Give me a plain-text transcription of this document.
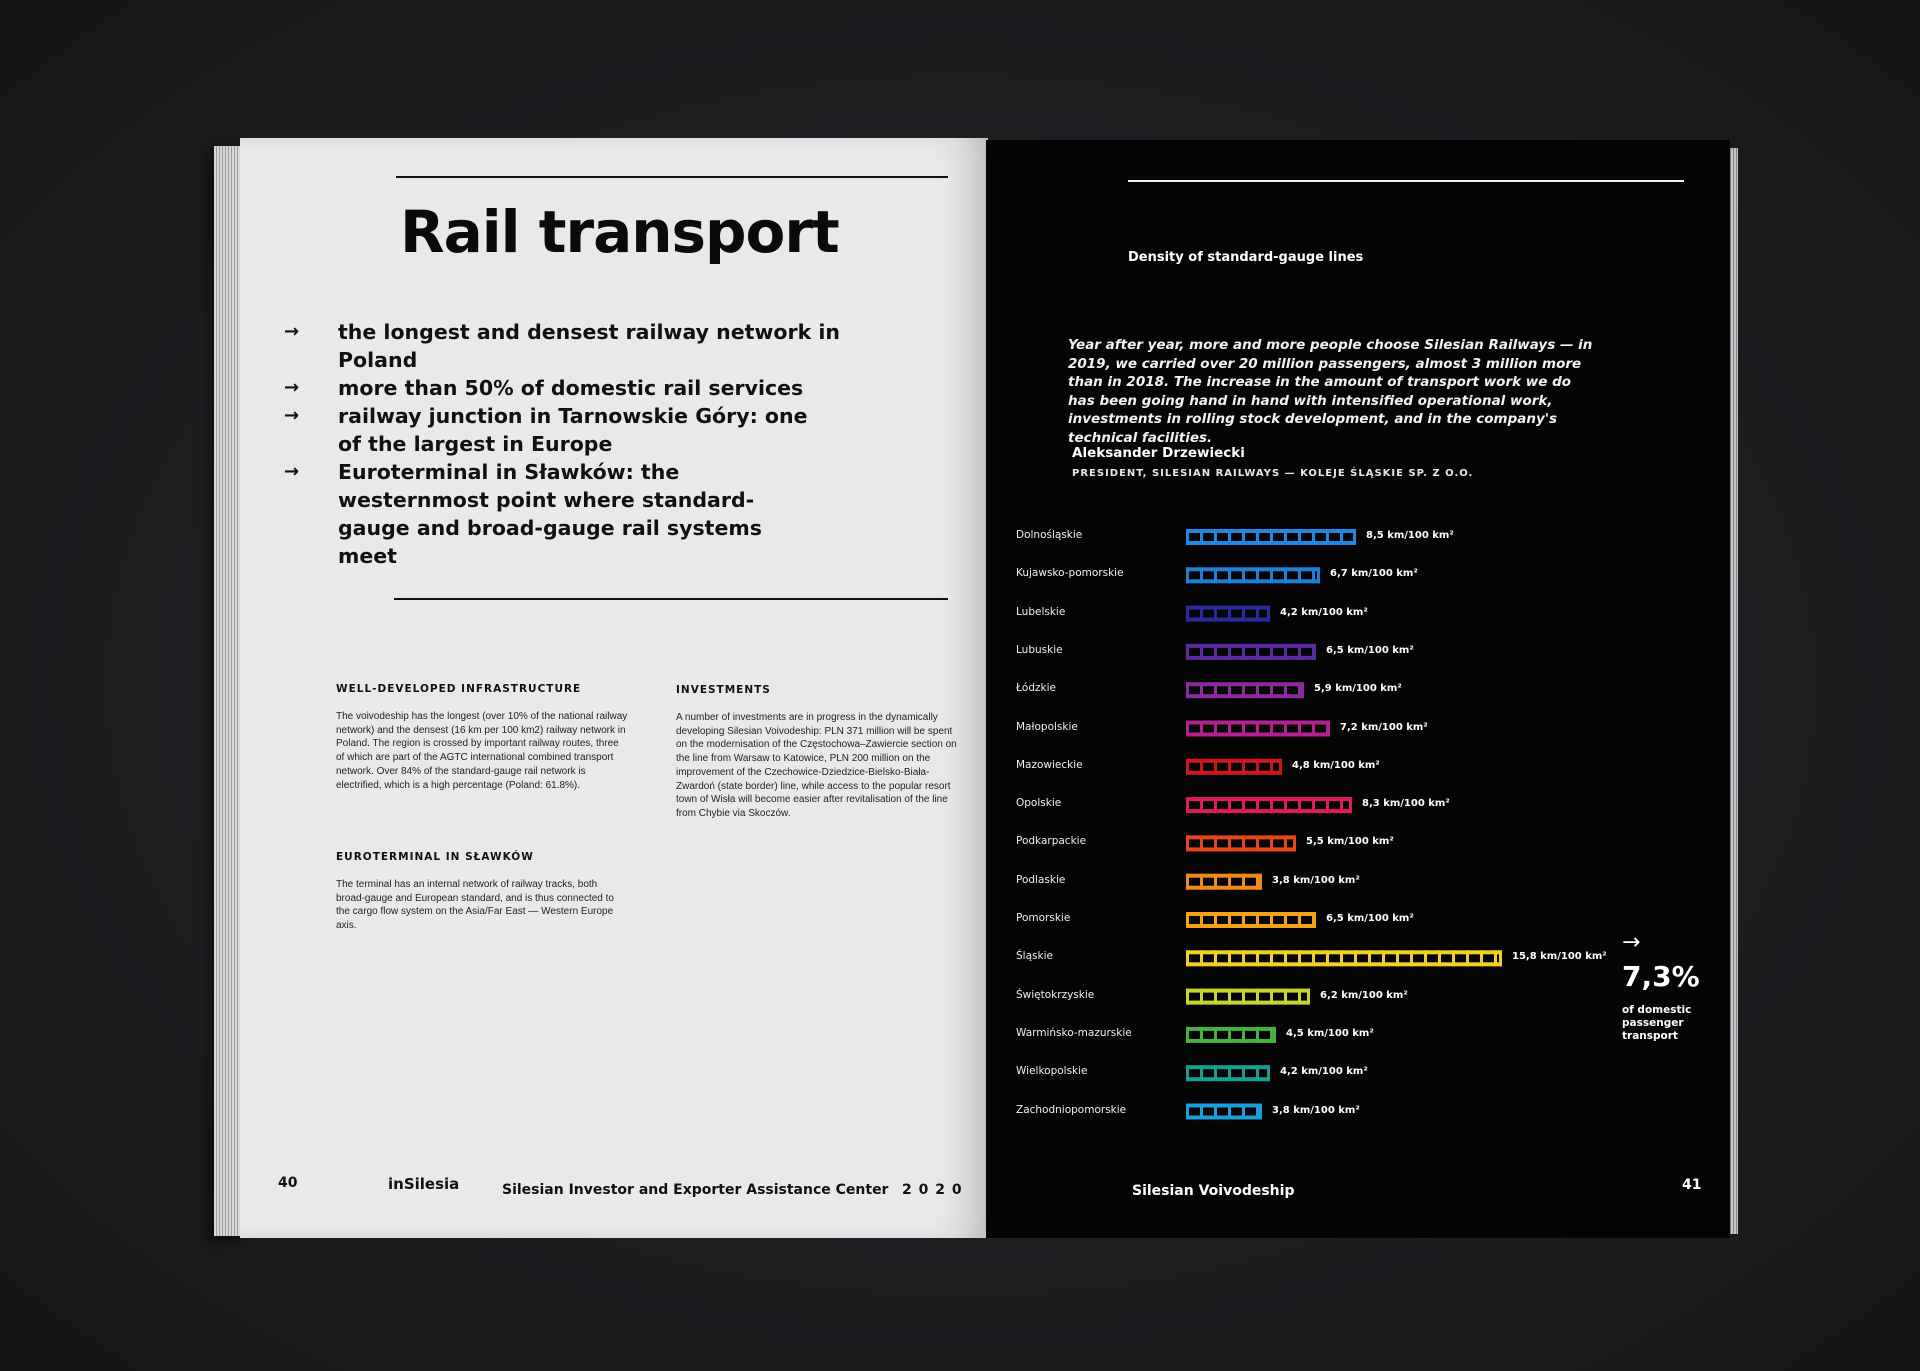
Rail transport
→ the longest and densest railway network in Poland
→ more than 50% of domestic rail services
→ railway junction in Tarnowskie Góry: one of the largest in Europe
→ Euroterminal in Sławków: the westernmost point where standard-gauge and broad-gauge rail systems meet
WELL-DEVELOPED INFRASTRUCTURE
The voivodeship has the longest (over 10% of the national railway network) and the densest (16 km per 100 km2) railway network in Poland. The region is crossed by important railway routes, three of which are part of the AGTC international combined transport network. Over 84% of the standard-gauge rail network is electrified, which is a high percentage (Poland: 61.8%).
EUROTERMINAL IN SŁAWKÓW
The terminal has an internal network of railway tracks, both broad-gauge and European standard, and is thus connected to the cargo flow system on the Asia/Far East — Western Europe axis.
INVESTMENTS
A number of investments are in progress in the dynamically developing Silesian Voivodeship: PLN 371 million will be spent on the modernisation of the Częstochowa–Zawiercie section on the line from Warsaw to Katowice, PLN 200 million on the improvement of the Czechowice-Dziedzice-Bielsko-Biała-Zwardoń (state border) line, while access to the popular resort town of Wisła will become easier after revitalisation of the line from Chybie via Skoczów.
40	inSilesia	Silesian Investor and Exporter Assistance Center 2 0 2 0
Density of standard-gauge lines
Year after year, more and more people choose Silesian Railways — in 2019, we carried over 20 million passengers, almost 3 million more than in 2018. The increase in the amount of transport work we do has been going hand in hand with intensified operational work, investments in rolling stock development, and in the company's technical facilities.
Aleksander Drzewiecki
PRESIDENT, SILESIAN RAILWAYS — KOLEJE ŚLĄSKIE SP. Z O.O.
Dolnośląskie	8,5 km/100 km²
Kujawsko-pomorskie	6,7 km/100 km²
Lubelskie	4,2 km/100 km²
Lubuskie	6,5 km/100 km²
Łódzkie	5,9 km/100 km²
Małopolskie	7,2 km/100 km²
Mazowieckie	4,8 km/100 km²
Opolskie	8,3 km/100 km²
Podkarpackie	5,5 km/100 km²
Podlaskie	3,8 km/100 km²
Pomorskie	6,5 km/100 km²
Śląskie	15,8 km/100 km²
Świętokrzyskie	6,2 km/100 km²
Warmińsko-mazurskie	4,5 km/100 km²
Wielkopolskie	4,2 km/100 km²
Zachodniopomorskie	3,8 km/100 km²
→
7,3%
of domestic passenger transport
Silesian Voivodeship	41
